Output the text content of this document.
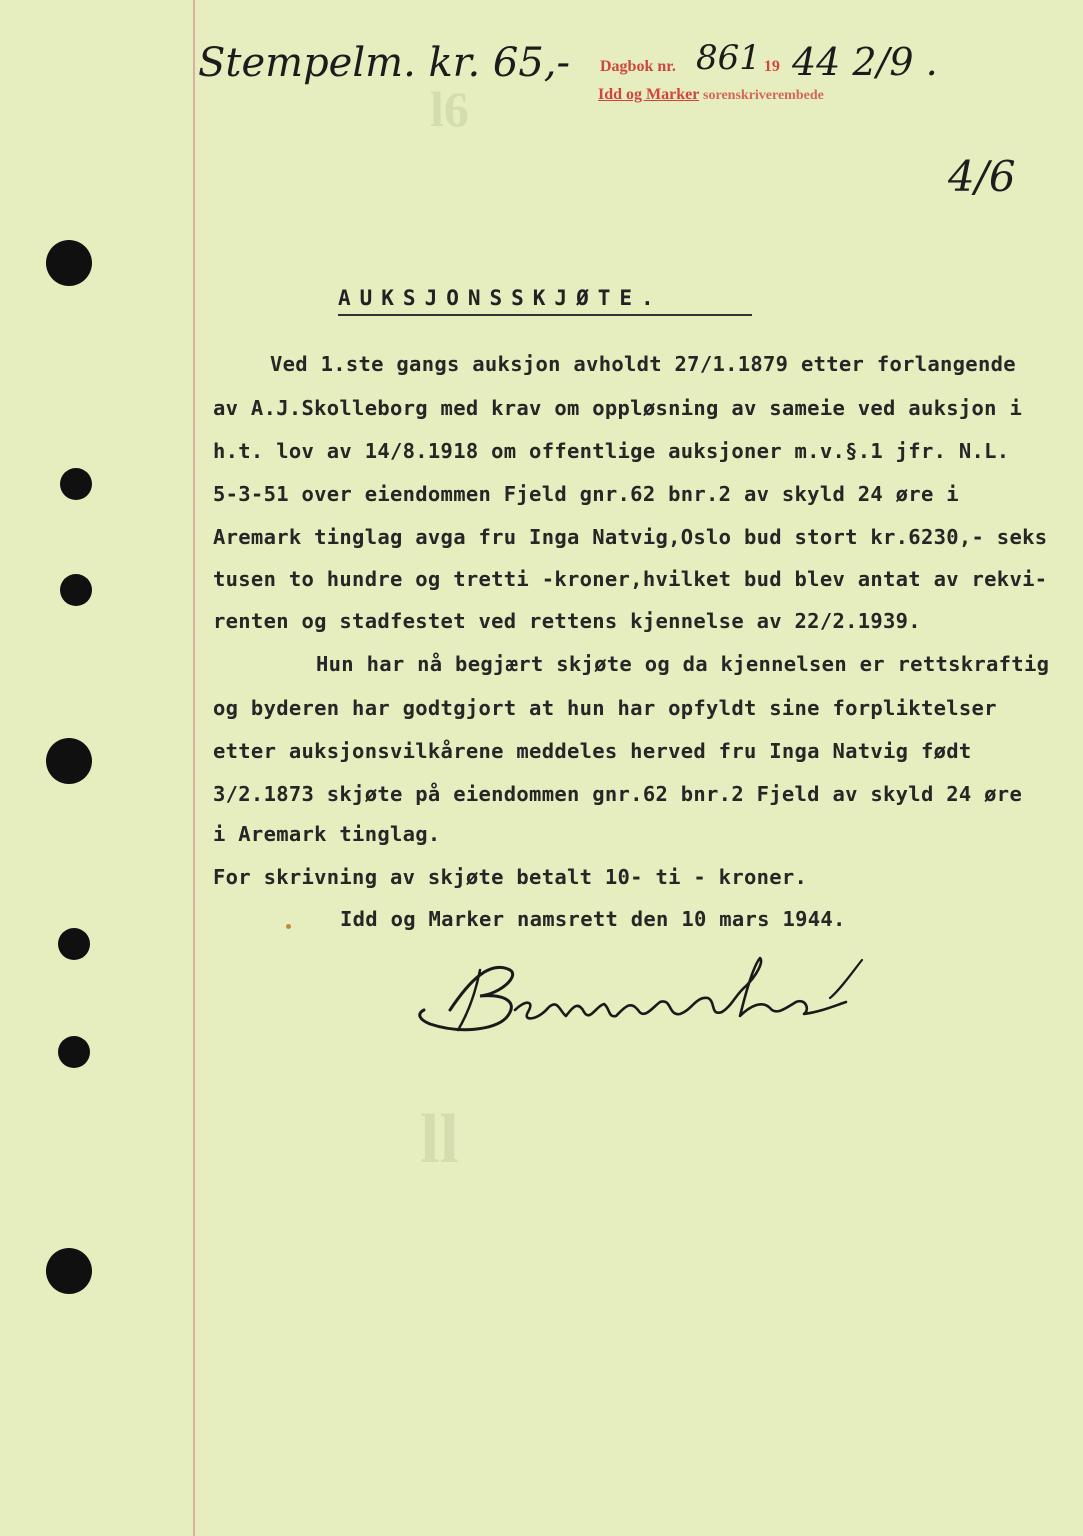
l6
ll
Stempelm. kr. 65,- Dagbok nr.	19
861 44 2/9 .
Idd og Marker sorenskriverembede
4/6
AUKSJONSSKJØTE.
Ved 1.ste gangs auksjon avholdt 27/1.1879 etter forlangende
av A.J.Skolleborg med krav om oppløsning av sameie ved auksjon i
h.t. lov av 14/8.1918 om offentlige auksjoner m.v.§.1 jfr. N.L.
5-3-51 over eiendommen Fjeld gnr.62 bnr.2 av skyld 24 øre i
Aremark tinglag avga fru Inga Natvig,Oslo bud stort kr.6230,- seks
tusen to hundre og tretti -kroner,hvilket bud blev antat av rekvi-
renten og stadfestet ved rettens kjennelse av 22/2.1939.
Hun har nå begjært skjøte og da kjennelsen er rettskraftig
og byderen har godtgjort at hun har opfyldt sine forpliktelser
etter auksjonsvilkårene meddeles herved fru Inga Natvig født
3/2.1873 skjøte på eiendommen gnr.62 bnr.2 Fjeld av skyld 24 øre
i Aremark tinglag.
For skrivning av skjøte betalt 10- ti - kroner.
Idd og Marker namsrett den 10 mars 1944.
